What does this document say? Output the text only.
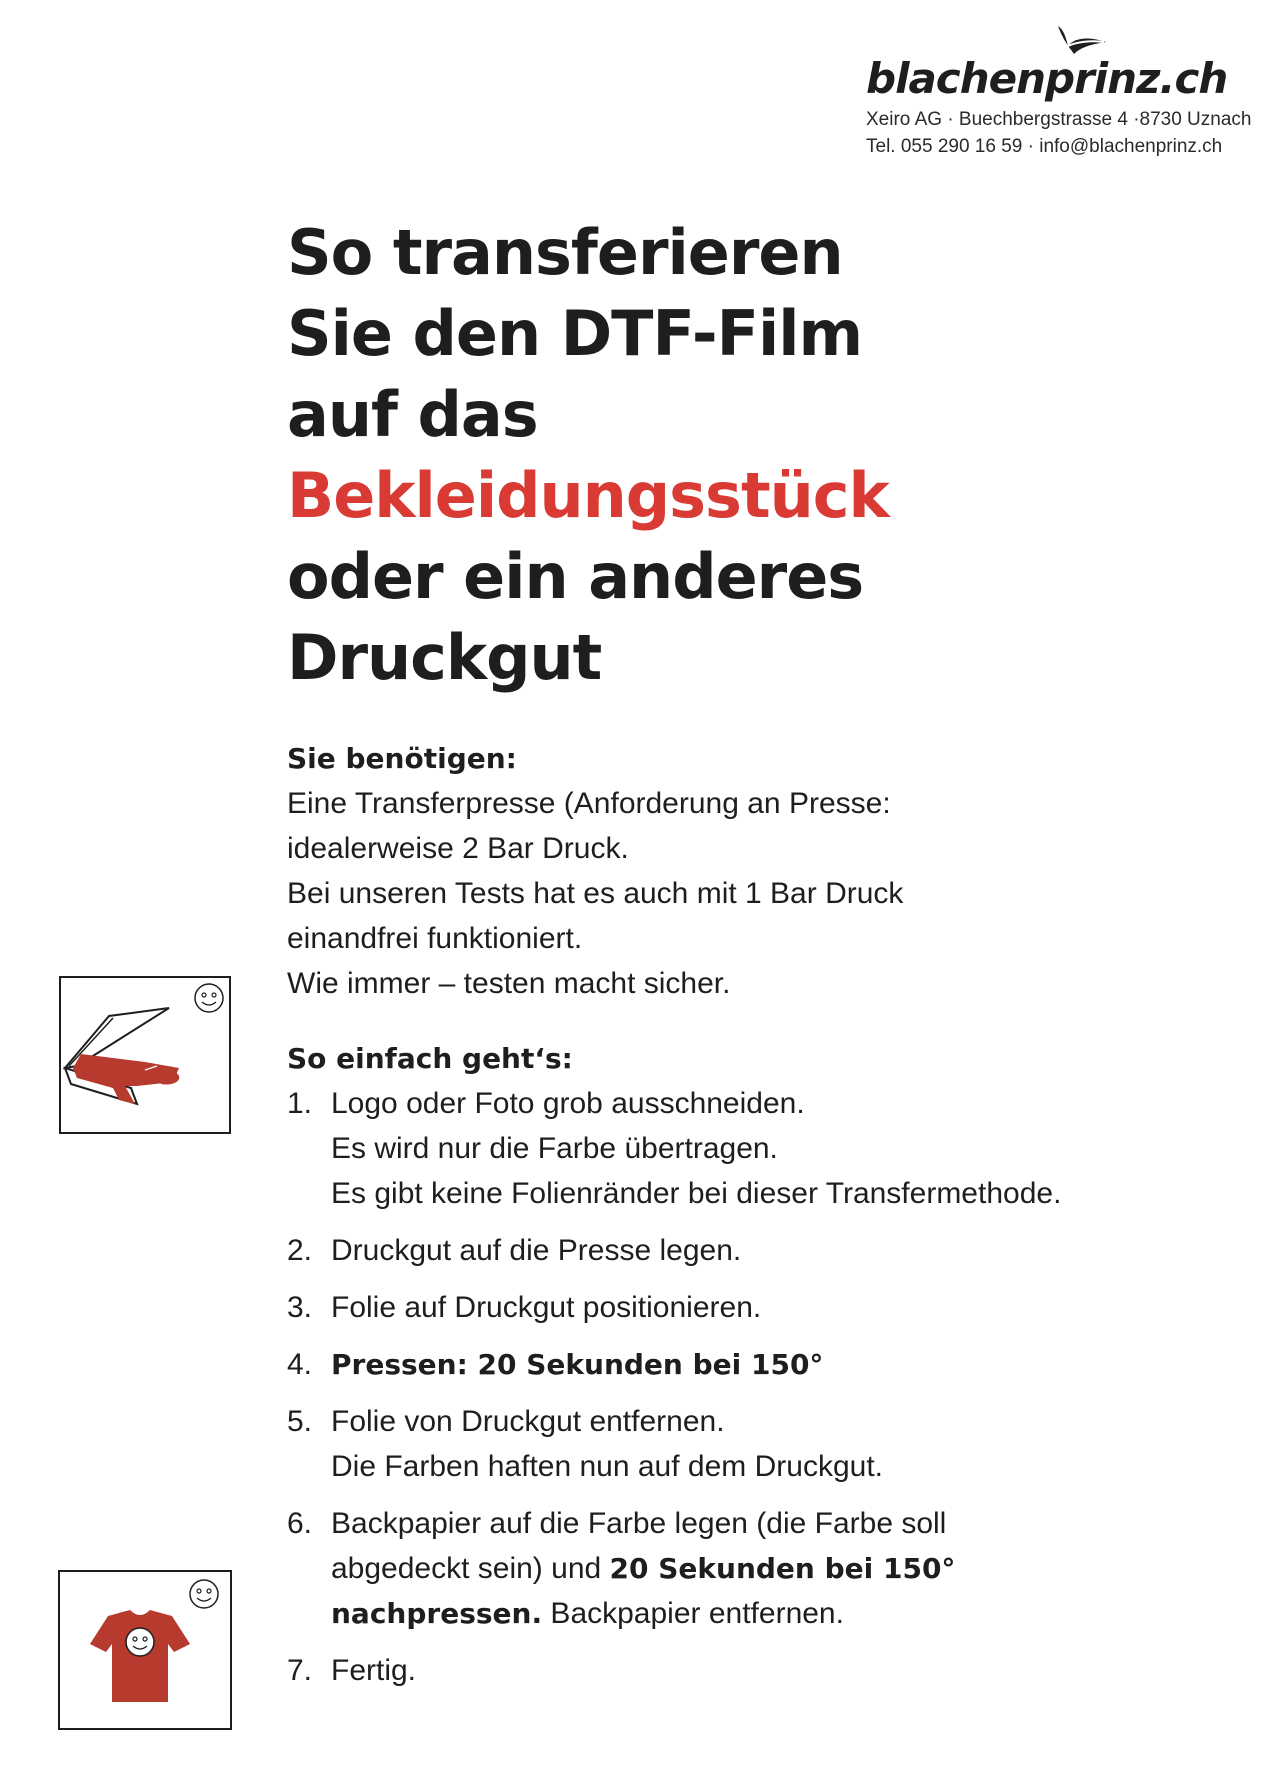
blachenprinz.ch
Xeiro AG · Buechbergstrasse 4 ·8730 Uznach
Tel. 055 290 16 59 · info@blachenprinz.ch
So transferieren
Sie den DTF-Film
auf das
Bekleidungsstück
oder ein anderes
Druckgut
Sie benötigen:
Eine Transferpresse (Anforderung an Presse:
idealerweise 2 Bar Druck.
Bei unseren Tests hat es auch mit 1 Bar Druck
einandfrei funktioniert.
Wie immer – testen macht sicher.
So einfach geht‘s:
1. Logo oder Foto grob ausschneiden.
Es wird nur die Farbe übertragen.
Es gibt keine Folienränder bei dieser Transfermethode.
2. Druckgut auf die Presse legen.
3. Folie auf Druckgut positionieren.
4. Pressen: 20 Sekunden bei 150°
5. Folie von Druckgut entfernen.
Die Farben haften nun auf dem Druckgut.
6. Backpapier auf die Farbe legen (die Farbe soll
abgedeckt sein) und 20 Sekunden bei 150°
nachpressen. Backpapier entfernen.
7. Fertig.
